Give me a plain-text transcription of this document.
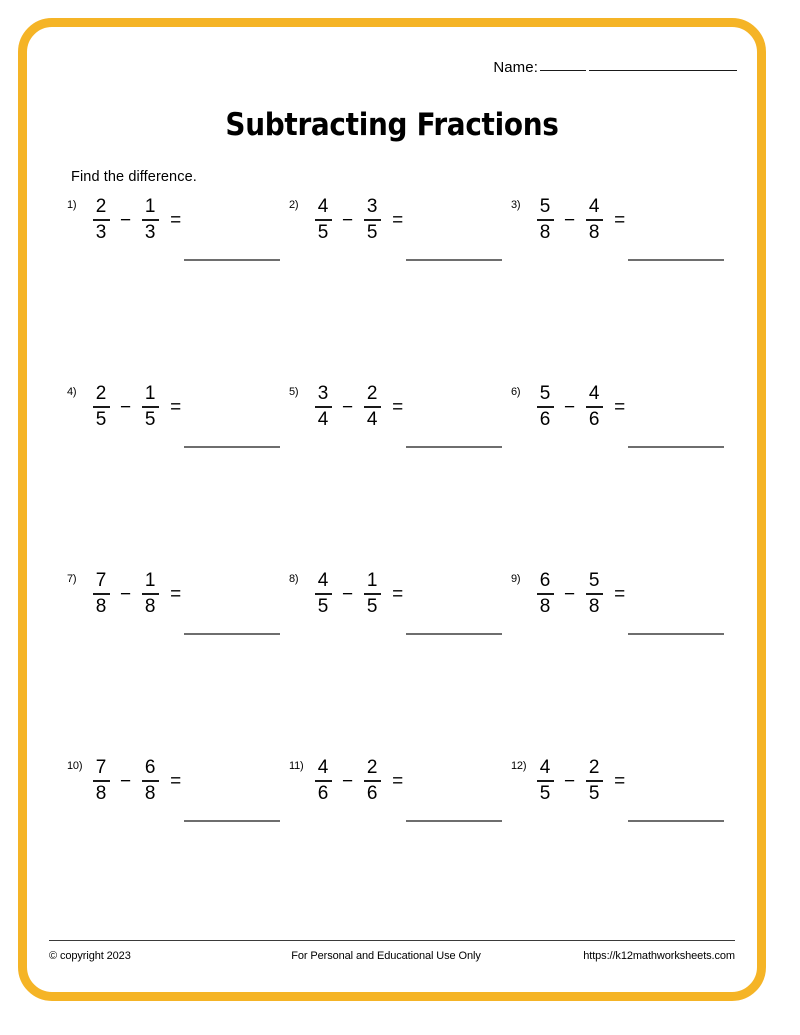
Name:
Subtracting Fractions
Find the difference.
$1) \frac{2}{3} - \frac{1}{3}$ =
$2) \frac{4}{5} - \frac{3}{5}$ =
$3) \frac{5}{8} - \frac{4}{8}$ =
$4) \frac{2}{5} - \frac{1}{5}$ =
$5) \frac{3}{4} - \frac{2}{4}$ =
$6) \frac{5}{6} - \frac{4}{6}$ =
$7) \frac{7}{8} - \frac{1}{8}$ =
$8) \frac{4}{5} - \frac{1}{5}$ =
$9) \frac{6}{8} - \frac{5}{8}$ =
$10) \frac{7}{8} - \frac{6}{8}$ =
$11) \frac{4}{6} - \frac{2}{6}$ =
$12) \frac{4}{5} - \frac{2}{5}$ =
© copyright 2023	For Personal and Educational Use Only	https://k12mathworksheets.com
